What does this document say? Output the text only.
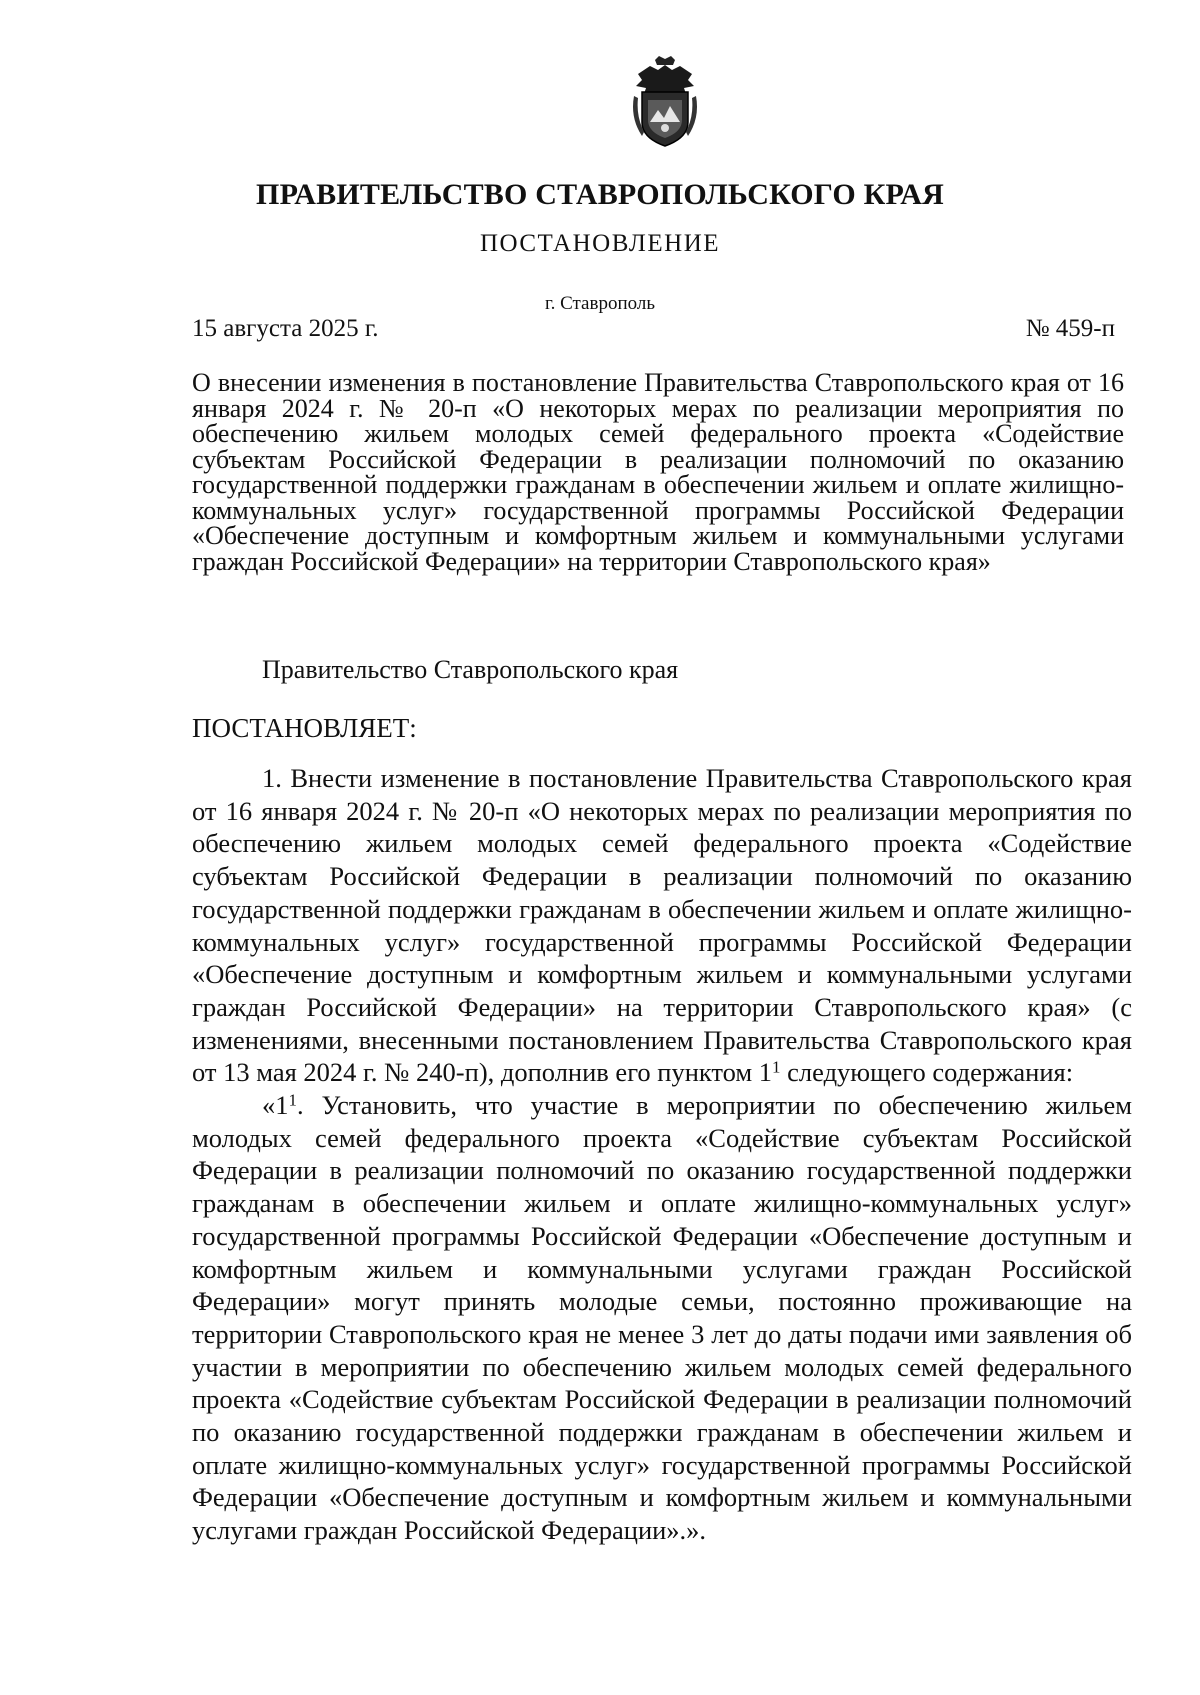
ПРАВИТЕЛЬСТВО СТАВРОПОЛЬСКОГО КРАЯ
ПОСТАНОВЛЕНИЕ
г. Ставрополь
15 августа 2025 г.	№ 459-п
О внесении изменения в постановление Правительства Ставропольского края от 16 января 2024 г. № 20-п «О некоторых мерах по реализации мероприятия по обеспечению жильем молодых семей федерального проекта «Содействие субъектам Российской Федерации в реализации полномочий по оказанию государственной поддержки гражданам в обеспечении жильем и оплате жилищно-коммунальных услуг» государственной программы Российской Федерации «Обеспечение доступным и комфортным жильем и коммунальными услугами граждан Российской Федерации» на территории Ставропольского края»
Правительство Ставропольского края
ПОСТАНОВЛЯЕТ:

1. Внести изменение в постановление Правительства Ставропольского края от 16 января 2024 г. № 20-п «О некоторых мерах по реализации мероприятия по обеспечению жильем молодых семей федерального проекта «Содействие субъектам Российской Федерации в реализации полномочий по оказанию государственной поддержки гражданам в обеспечении жильем и оплате жилищно-коммунальных услуг» государственной программы Российской Федерации «Обеспечение доступным и комфортным жильем и коммунальными услугами граждан Российской Федерации» на территории Ставропольского края» (с изменениями, внесенными постановлением Правительства Ставропольского края от 13 мая 2024 г. № 240-п), дополнив его пунктом $1^1$ следующего содержания:

«$1^1$. Установить, что участие в мероприятии по обеспечению жильем молодых семей федерального проекта «Содействие субъектам Российской Федерации в реализации полномочий по оказанию государственной поддержки гражданам в обеспечении жильем и оплате жилищно-коммунальных услуг» государственной программы Российской Федерации «Обеспечение доступным и комфортным жильем и коммунальными услугами граждан Российской Федерации» могут принять молодые семьи, постоянно проживающие на территории Ставропольского края не менее 3 лет до даты подачи ими заявления об участии в мероприятии по обеспечению жильем молодых семей федерального проекта «Содействие субъектам Российской Федерации в реализации полномочий по оказанию государственной поддержки гражданам в обеспечении жильем и оплате жилищно-коммунальных услуг» государственной программы Российской Федерации «Обеспечение доступным и комфортным жильем и коммунальными услугами граждан Российской Федерации».».
